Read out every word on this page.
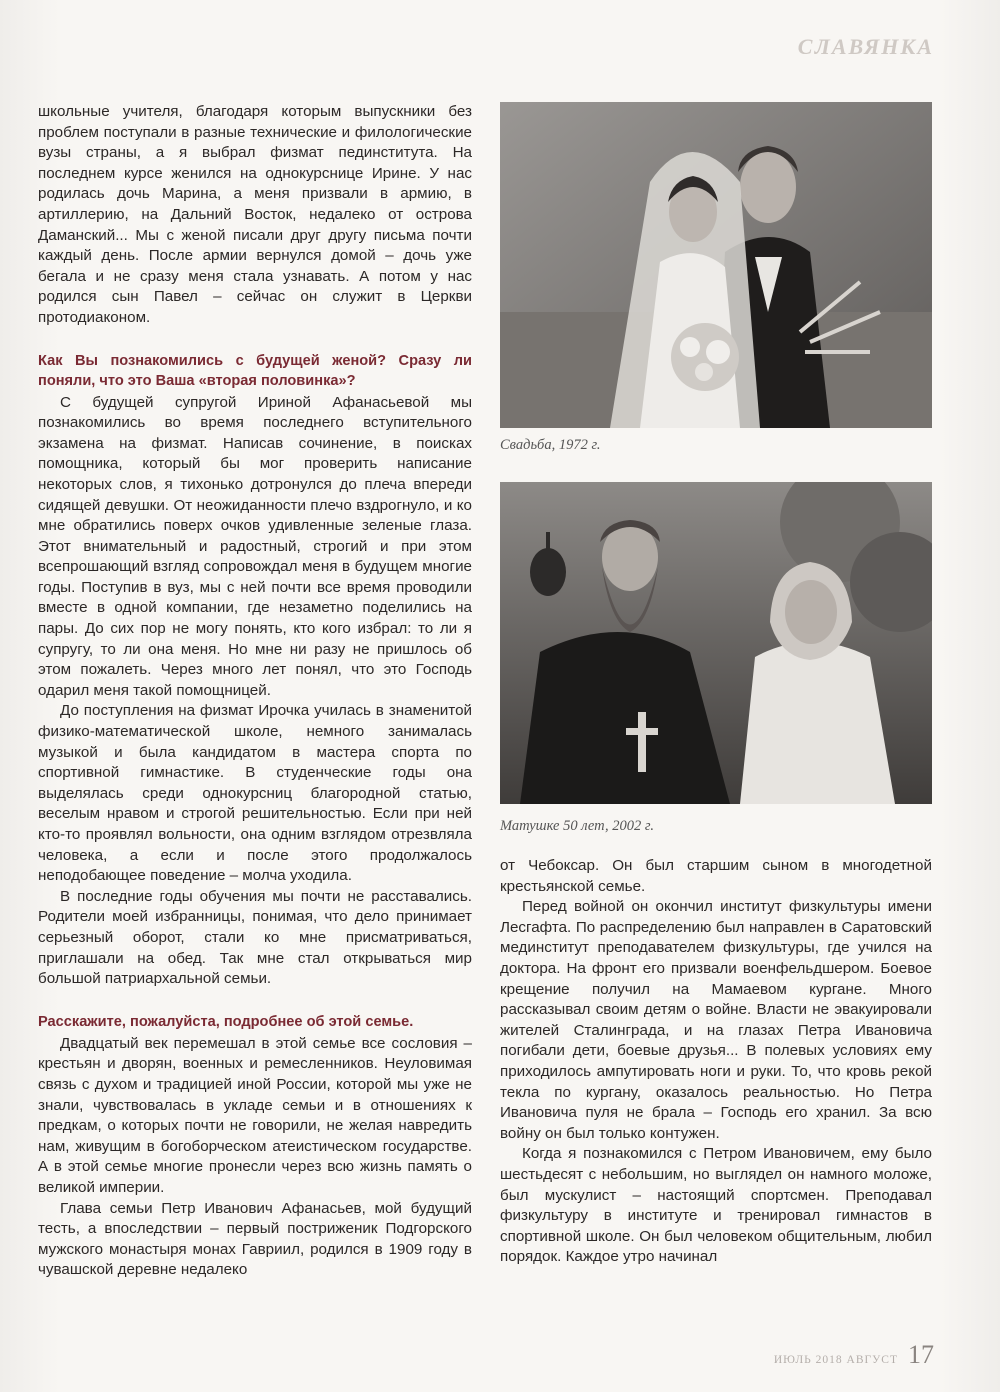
СЛАВЯНКА

школьные учителя, благодаря которым выпускники без проблем поступали в разные технические и филологические вузы страны, а я выбрал физмат пединститута. На последнем курсе женился на однокурснице Ирине. У нас родилась дочь Марина, а меня призвали в армию, в артиллерию, на Дальний Восток, недалеко от острова Даманский... Мы с женой писали друг другу письма почти каждый день. После армии вернулся домой – дочь уже бегала и не сразу меня стала узнавать. А потом у нас родился сын Павел – сейчас он служит в Церкви протодиаконом.

Как Вы познакомились с будущей женой? Сразу ли поняли, что это Ваша «вторая половинка»?

С будущей супругой Ириной Афанасьевой мы познакомились во время последнего вступительного экзамена на физмат. Написав сочинение, в поисках помощника, который бы мог проверить написание некоторых слов, я тихонько дотронулся до плеча впереди сидящей девушки. От неожиданности плечо вздрогнуло, и ко мне обратились поверх очков удивленные зеленые глаза. Этот внимательный и радостный, строгий и при этом всепрошающий взгляд сопровождал меня в будущем многие годы. Поступив в вуз, мы с ней почти все время проводили вместе в одной компании, где незаметно поделились на пары. До сих пор не могу понять, кто кого избрал: то ли я супругу, то ли она меня. Но мне ни разу не пришлось об этом пожалеть. Через много лет понял, что это Господь одарил меня такой помощницей.

До поступления на физмат Ирочка училась в знаменитой физико-математической школе, немного занималась музыкой и была кандидатом в мастера спорта по спортивной гимнастике. В студенческие годы она выделялась среди однокурсниц благородной статью, веселым нравом и строгой решительностью. Если при ней кто-то проявлял вольности, она одним взглядом отрезвляла человека, а если и после этого продолжалось неподобающее поведение – молча уходила.

В последние годы обучения мы почти не расставались. Родители моей избранницы, понимая, что дело принимает серьезный оборот, стали ко мне присматриваться, приглашали на обед. Так мне стал открываться мир большой патриархальной семьи.

Расскажите, пожалуйста, подробнее об этой семье.

Двадцатый век перемешал в этой семье все сословия – крестьян и дворян, военных и ремесленников. Неуловимая связь с духом и традицией иной России, которой мы уже не знали, чувствовалась в укладе семьи и в отношениях к предкам, о которых почти не говорили, не желая навредить нам, живущим в богоборческом атеистическом государстве. А в этой семье многие пронесли через всю жизнь память о великой империи.

Глава семьи Петр Иванович Афанасьев, мой будущий тесть, а впоследствии – первый постриженик Подгорского мужского монастыря монах Гавриил, родился в 1909 году в чувашской деревне недалеко

Свадьба, 1972 г.
Матушке 50 лет, 2002 г.

от Чебоксар. Он был старшим сыном в многодетной крестьянской семье.

Перед войной он окончил институт физкультуры имени Лесгафта. По распределению был направлен в Саратовский мединститут преподавателем физкультуры, где учился на доктора. На фронт его призвали военфельдшером. Боевое крещение получил на Мамаевом кургане. Много рассказывал своим детям о войне. Власти не эвакуировали жителей Сталинграда, и на глазах Петра Ивановича погибали дети, боевые друзья... В полевых условиях ему приходилось ампутировать ноги и руки. То, что кровь рекой текла по кургану, оказалось реальностью. Но Петра Ивановича пуля не брала – Господь его хранил. За всю войну он был только контужен.

Когда я познакомился с Петром Ивановичем, ему было шестьдесят с небольшим, но выглядел он намного моложе, был мускулист – настоящий спортсмен. Преподавал физкультуру в институте и тренировал гимнастов в спортивной школе. Он был человеком общительным, любил порядок. Каждое утро начинал

ИЮЛЬ 2018 АВГУСТ 17
